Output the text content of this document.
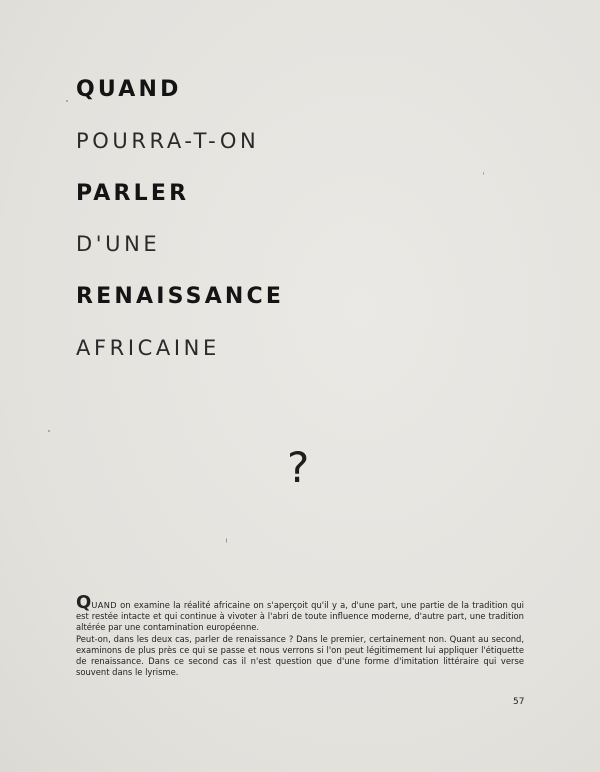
QUAND
POURRA-T-ON
PARLER
D'UNE
RENAISSANCE
AFRICAINE
?

QUAND on examine la réalité africaine on s'aperçoit qu'il y a, d'une part, une partie de la tradition qui est restée intacte et qui continue à vivoter à l'abri de toute influence moderne, d'autre part, une tradition altérée par une contamination européenne.

Peut-on, dans les deux cas, parler de renaissance ? Dans le premier, certainement non. Quant au second, examinons de plus près ce qui se passe et nous verrons si l'on peut légitimement lui appliquer l'étiquette de renaissance. Dans ce second cas il n'est question que d'une forme d'imitation littéraire qui verse souvent dans le lyrisme.

57
